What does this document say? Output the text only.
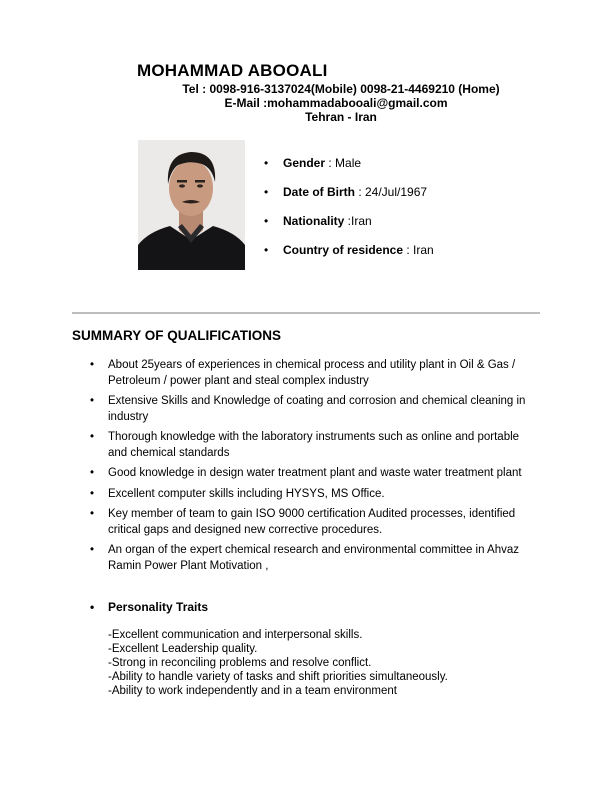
MOHAMMAD ABOOALI
Tel : 0098-916-3137024(Mobile) 0098-21-4469210 (Home)
E-Mail :mohammadabooali@gmail.com
Tehran - Iran
• Gender : Male
• Date of Birth : 24/Jul/1967
• Nationality :Iran
• Country of residence : Iran
SUMMARY OF QUALIFICATIONS
• About 25years of experiences in chemical process and utility plant in Oil & Gas / Petroleum / power plant and steal complex industry
• Extensive Skills and Knowledge of coating and corrosion and chemical cleaning in industry
• Thorough knowledge with the laboratory instruments such as online and portable and chemical standards
• Good knowledge in design water treatment plant and waste water treatment plant
• Excellent computer skills including HYSYS, MS Office.
• Key member of team to gain ISO 9000 certification Audited processes, identified critical gaps and designed new corrective procedures.
• An organ of the expert chemical research and environmental committee in Ahvaz Ramin Power Plant Motivation ,
• Personality Traits
-Excellent communication and interpersonal skills.
-Excellent Leadership quality.
-Strong in reconciling problems and resolve conflict.
-Ability to handle variety of tasks and shift priorities simultaneously.
-Ability to work independently and in a team environment
